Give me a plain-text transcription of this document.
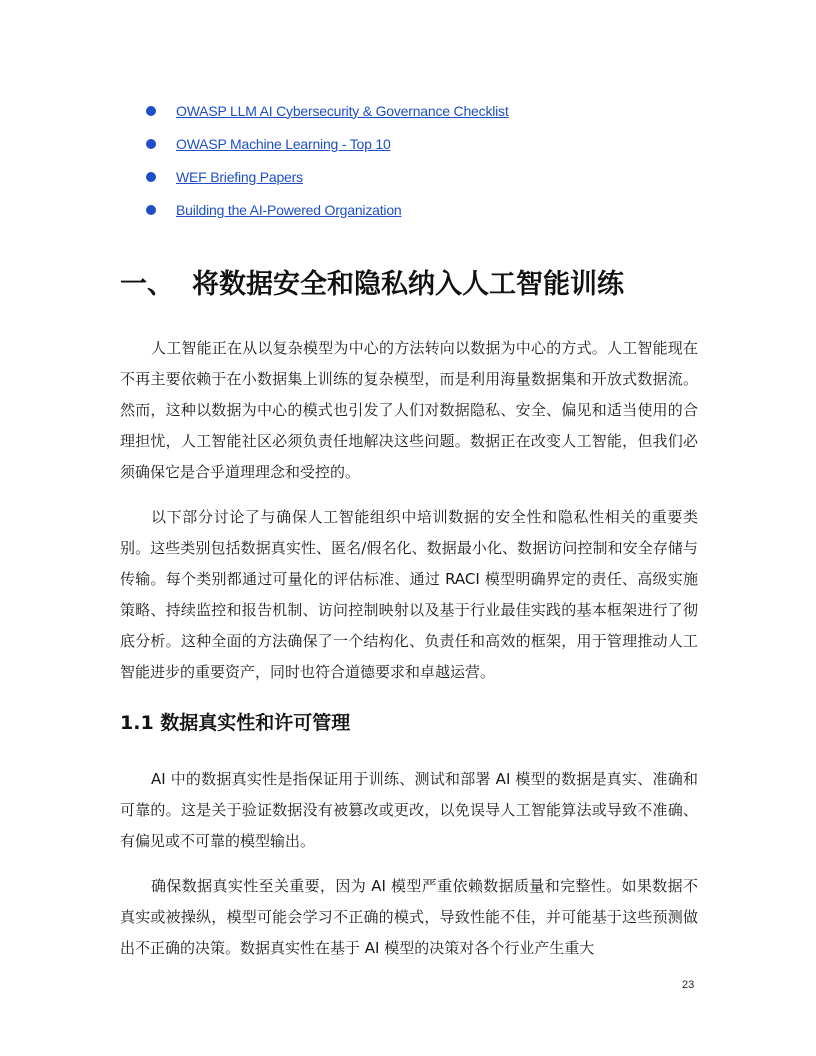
OWASP LLM AI Cybersecurity & Governance Checklist
OWASP Machine Learning - Top 10
WEF Briefing Papers
Building the AI-Powered Organization
一、 将数据安全和隐私纳入人工智能训练

人工智能正在从以复杂模型为中心的方法转向以数据为中心的方式。人工智能现在不再主要依赖于在小数据集上训练的复杂模型，而是利用海量数据集和开放式数据流。然而，这种以数据为中心的模式也引发了人们对数据隐私、安全、偏见和适当使用的合理担忧，人工智能社区必须负责任地解决这些问题。数据正在改变人工智能，但我们必须确保它是合乎道理理念和受控的。

以下部分讨论了与确保人工智能组织中培训数据的安全性和隐私性相关的重要类别。这些类别包括数据真实性、匿名/假名化、数据最小化、数据访问控制和安全存储与传输。每个类别都通过可量化的评估标准、通过 RACI 模型明确界定的责任、高级实施策略、持续监控和报告机制、访问控制映射以及基于行业最佳实践的基本框架进行了彻底分析。这种全面的方法确保了一个结构化、负责任和高效的框架，用于管理推动人工智能进步的重要资产，同时也符合道德要求和卓越运营。

1.1 数据真实性和许可管理

AI 中的数据真实性是指保证用于训练、测试和部署 AI 模型的数据是真实、准确和可靠的。这是关于验证数据没有被篡改或更改，以免误导人工智能算法或导致不准确、有偏见或不可靠的模型输出。

确保数据真实性至关重要，因为 AI 模型严重依赖数据质量和完整性。如果数据不真实或被操纵，模型可能会学习不正确的模式，导致性能不佳，并可能基于这些预测做出不正确的决策。数据真实性在基于 AI 模型的决策对各个行业产生重大

23
